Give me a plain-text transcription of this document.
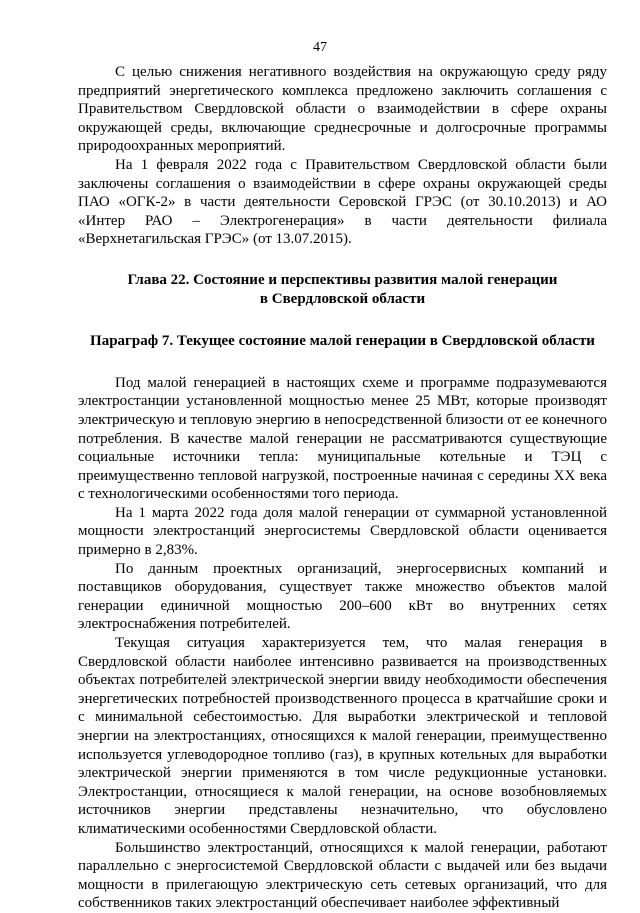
47

С целью снижения негативного воздействия на окружающую среду ряду предприятий энергетического комплекса предложено заключить соглашения с Правительством Свердловской области о взаимодействии в сфере охраны окружающей среды, включающие среднесрочные и долгосрочные программы природоохранных мероприятий.

На 1 февраля 2022 года с Правительством Свердловской области были заключены соглашения о взаимодействии в сфере охраны окружающей среды ПАО «ОГК-2» в части деятельности Серовской ГРЭС (от 30.10.2013) и АО «Интер РАО – Электрогенерация» в части деятельности филиала «Верхнетагильская ГРЭС» (от 13.07.2015).

Глава 22. Состояние и перспективы развития малой генерации
в Свердловской области
Параграф 7. Текущее состояние малой генерации в Свердловской области

Под малой генерацией в настоящих схеме и программе подразумеваются электростанции установленной мощностью менее 25 МВт, которые производят электрическую и тепловую энергию в непосредственной близости от ее конечного потребления. В качестве малой генерации не рассматриваются существующие социальные источники тепла: муниципальные котельные и ТЭЦ с преимущественно тепловой нагрузкой, построенные начиная с середины XX века с технологическими особенностями того периода.

На 1 марта 2022 года доля малой генерации от суммарной установленной мощности электростанций энергосистемы Свердловской области оценивается примерно в 2,83%.

По данным проектных организаций, энергосервисных компаний и поставщиков оборудования, существует также множество объектов малой генерации единичной мощностью 200–600 кВт во внутренних сетях электроснабжения потребителей.

Текущая ситуация характеризуется тем, что малая генерация в Свердловской области наиболее интенсивно развивается на производственных объектах потребителей электрической энергии ввиду необходимости обеспечения энергетических потребностей производственного процесса в кратчайшие сроки и с минимальной себестоимостью. Для выработки электрической и тепловой энергии на электростанциях, относящихся к малой генерации, преимущественно используется углеводородное топливо (газ), в крупных котельных для выработки электрической энергии применяются в том числе редукционные установки. Электростанции, относящиеся к малой генерации, на основе возобновляемых источников энергии представлены незначительно, что обусловлено климатическими особенностями Свердловской области.

Большинство электростанций, относящихся к малой генерации, работают параллельно с энергосистемой Свердловской области с выдачей или без выдачи мощности в прилегающую электрическую сеть сетевых организаций, что для собственников таких электростанций обеспечивает наиболее эффективный
